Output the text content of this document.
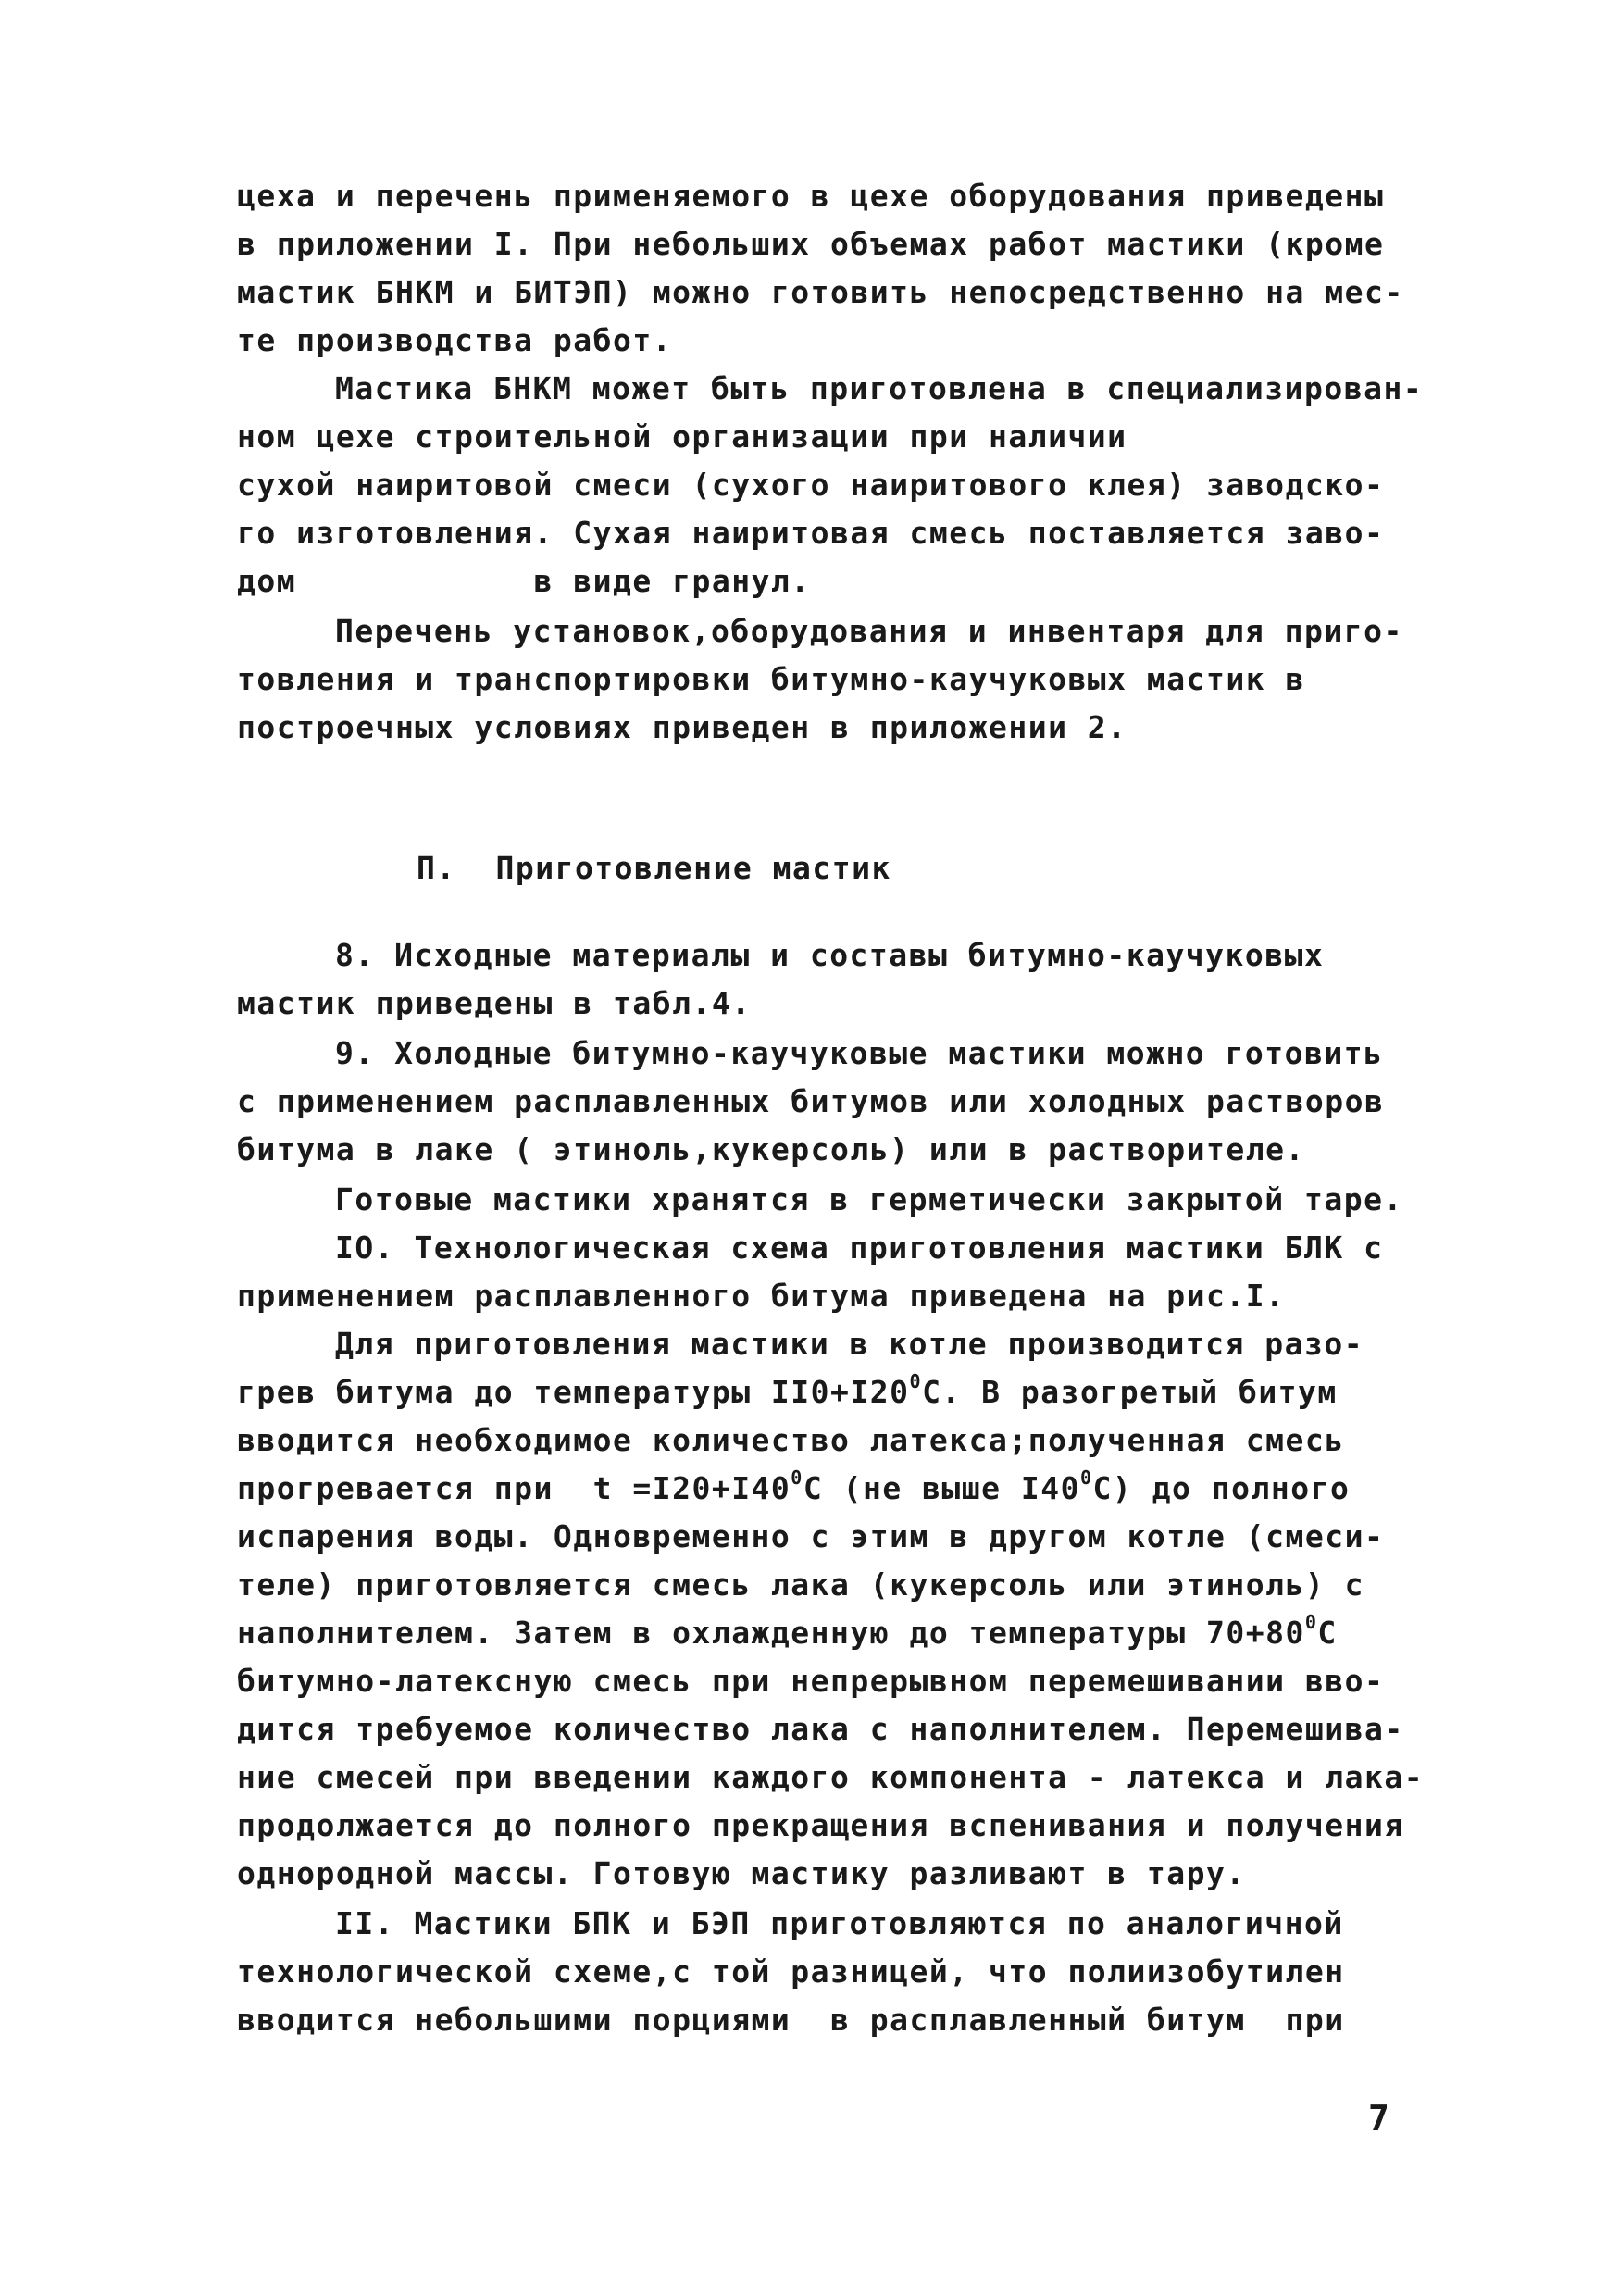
цеха и перечень применяемого в цехе оборудования приведены
в приложении I. При небольших объемах работ мастики (кроме
мастик БНКМ и БИТЭП) можно готовить непосредственно на мес-
те производства работ.
Мастика БНКМ может быть приготовлена в специализирован-
ном цехе строительной организации при наличии
сухой наиритовой смеси (сухого наиритового клея) заводско-
го изготовления. Сухая наиритовая смесь поставляется заво-
дом            в виде гранул.
Перечень установок,оборудования и инвентаря для приго-
товления и транспортировки битумно-каучуковых мастик в
построечных условиях приведен в приложении 2.
П.  Приготовление мастик
8. Исходные материалы и составы битумно-каучуковых
мастик приведены в табл.4.
9. Холодные битумно-каучуковые мастики можно готовить
с применением расплавленных битумов или холодных растворов
битума в лаке ( этиноль,кукерсоль) или в растворителе.
Готовые мастики хранятся в герметически закрытой таре.
IO. Технологическая схема приготовления мастики БЛК с
применением расплавленного битума приведена на рис.I.
Для приготовления мастики в котле производится разо-
грев битума до температуры $II0+I20^0С$. В разогретый битум
вводится необходимое количество латекса;полученная смесь
прогревается при  $t =I20+I40^0С$ (не выше $I40^0С$) до полного
испарения воды. Одновременно с этим в другом котле (смеси-
теле) приготовляется смесь лака (кукерсоль или этиноль) с
наполнителем. Затем в охлажденную до температуры $70+80^0С$
битумно-латексную смесь при непрерывном перемешивании вво-
дится требуемое количество лака с наполнителем. Перемешива-
ние смесей при введении каждого компонента - латекса и лака-
продолжается до полного прекращения вспенивания и получения
однородной массы. Готовую мастику разливают в тару.
II. Мастики БПК и БЭП приготовляются по аналогичной
технологической схеме,с той разницей, что полиизобутилен
вводится небольшими порциями  в расплавленный битум  при
7
